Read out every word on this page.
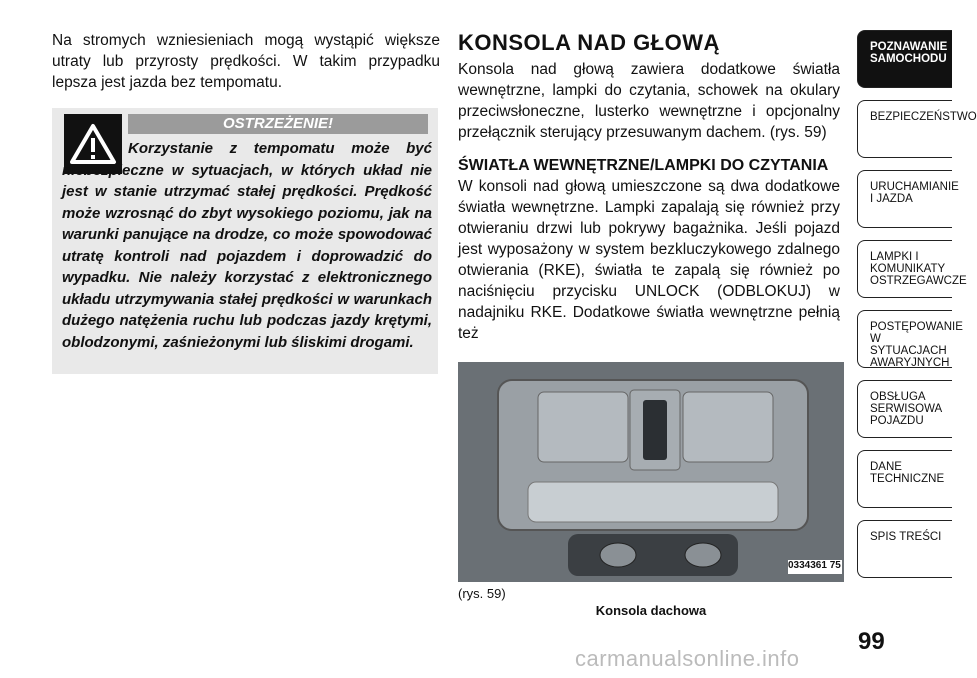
Na stromych wzniesieniach mogą wystąpić większe utraty lub przyrosty prędkości. W takim przypadku lepsza jest jazda bez tempomatu.

OSTRZEŻENIE!

Korzystanie z tempomatu może być niebezpieczne w sytuacjach, w których układ nie jest w stanie utrzymać stałej prędkości. Prędkość może wzrosnąć do zbyt wysokiego poziomu, jak na warunki panujące na drodze, co może spowodować utratę kontroli nad pojazdem i doprowadzić do wypadku. Nie należy korzystać z elektronicznego układu utrzymywania stałej prędkości w warunkach dużego natężenia ruchu lub podczas jazdy krętymi, oblodzonymi, zaśnieżonymi lub śliskimi drogami.

KONSOLA NAD GŁOWĄ

Konsola nad głową zawiera dodatkowe światła wewnętrzne, lampki do czytania, schowek na okulary przeciwsłoneczne, lusterko wewnętrzne i opcjonalny przełącznik sterujący przesuwanym dachem. (rys. 59)

ŚWIATŁA WEWNĘTRZNE/LAMPKI DO CZYTANIA

W konsoli nad głową umieszczone są dwa dodatkowe światła wewnętrzne. Lampki zapalają się również przy otwieraniu drzwi lub pokrywy bagażnika. Jeśli pojazd jest wyposażony w system bezkluczykowego zdalnego otwierania (RKE), światła te zapalą się również po naciśnięciu przycisku UNLOCK (ODBLOKUJ) w nadajniku RKE. Dodatkowe światła wewnętrzne pełnią też

0334361 75
(rys. 59)
Konsola dachowa
POZNAWANIE SAMOCHODU
BEZPIECZEŃSTWO
URUCHAMIANIE I JAZDA
LAMPKI I KOMUNIKATY OSTRZEGAWCZE
POSTĘPOWANIE W SYTUACJACH AWARYJNYCH
OBSŁUGA SERWISOWA POJAZDU
DANE TECHNICZNE
SPIS TREŚCI
99
carmanualsonline.info
